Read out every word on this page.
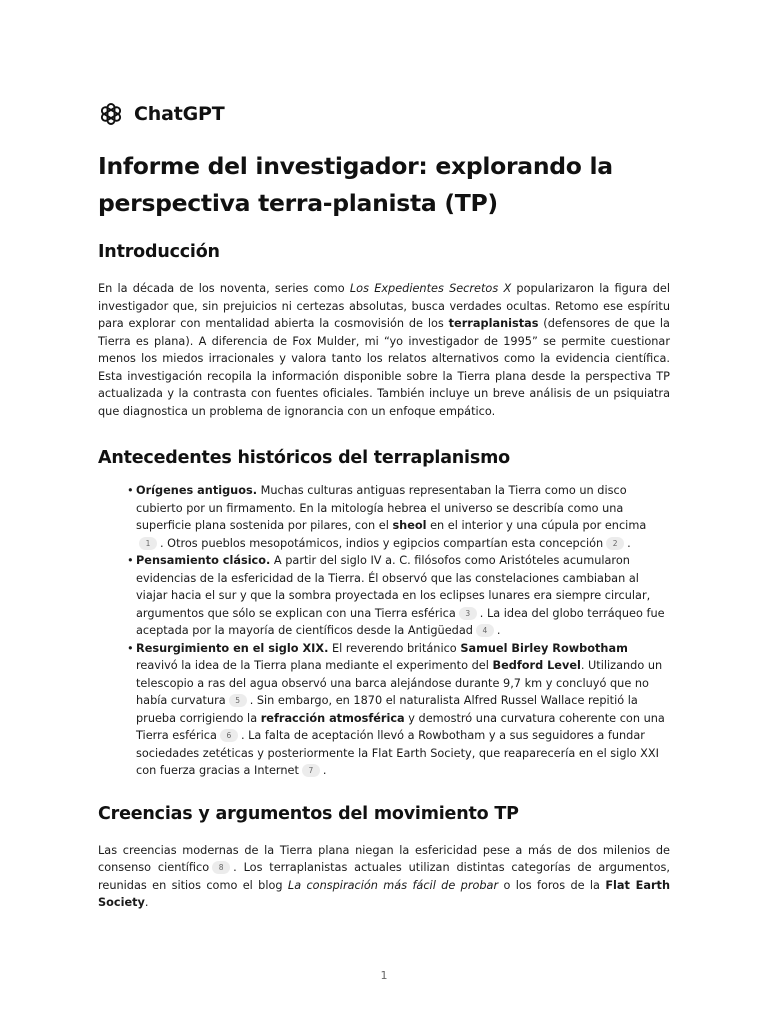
ChatGPT
Informe del investigador: explorando la perspectiva terra-planista (TP)
Introducción

En la década de los noventa, series como Los Expedientes Secretos X popularizaron la figura del investigador que, sin prejuicios ni certezas absolutas, busca verdades ocultas. Retomo ese espíritu para explorar con mentalidad abierta la cosmovisión de los terraplanistas (defensores de que la Tierra es plana). A diferencia de Fox Mulder, mi “yo investigador de 1995” se permite cuestionar menos los miedos irracionales y valora tanto los relatos alternativos como la evidencia científica. Esta investigación recopila la información disponible sobre la Tierra plana desde la perspectiva TP actualizada y la contrasta con fuentes oficiales. También incluye un breve análisis de un psiquiatra que diagnostica un problema de ignorancia con un enfoque empático.

Antecedentes históricos del terraplanismo
• Orígenes antiguos. Muchas culturas antiguas representaban la Tierra como un disco cubierto por un firmamento. En la mitología hebrea el universo se describía como una superficie plana sostenida por pilares, con el sheol en el interior y una cúpula por encima1 . Otros pueblos mesopotámicos, indios y egipcios compartían esta concepción 2 .
• Pensamiento clásico. A partir del siglo IV a. C. filósofos como Aristóteles acumularon evidencias de la esfericidad de la Tierra. Él observó que las constelaciones cambiaban al viajar hacia el sur y que la sombra proyectada en los eclipses lunares era siempre circular, argumentos que sólo se explican con una Tierra esférica 3 . La idea del globo terráqueo fue aceptada por la mayoría de científicos desde la Antigüedad 4 .
• Resurgimiento en el siglo XIX. El reverendo británico Samuel Birley Rowbotham reavivó la idea de la Tierra plana mediante el experimento del Bedford Level. Utilizando un telescopio a ras del agua observó una barca alejándose durante 9,7 km y concluyó que no había curvatura 5 . Sin embargo, en 1870 el naturalista Alfred Russel Wallace repitió la prueba corrigiendo la refracción atmosférica y demostró una curvatura coherente con una Tierra esférica 6 . La falta de aceptación llevó a Rowbotham y a sus seguidores a fundar sociedades zetéticas y posteriormente la Flat Earth Society, que reaparecería en el siglo XXI con fuerza gracias a Internet 7 .
Creencias y argumentos del movimiento TP

Las creencias modernas de la Tierra plana niegan la esfericidad pese a más de dos milenios de consenso científico 8 . Los terraplanistas actuales utilizan distintas categorías de argumentos, reunidas en sitios como el blog La conspiración más fácil de probar o los foros de la Flat Earth Society.

1
